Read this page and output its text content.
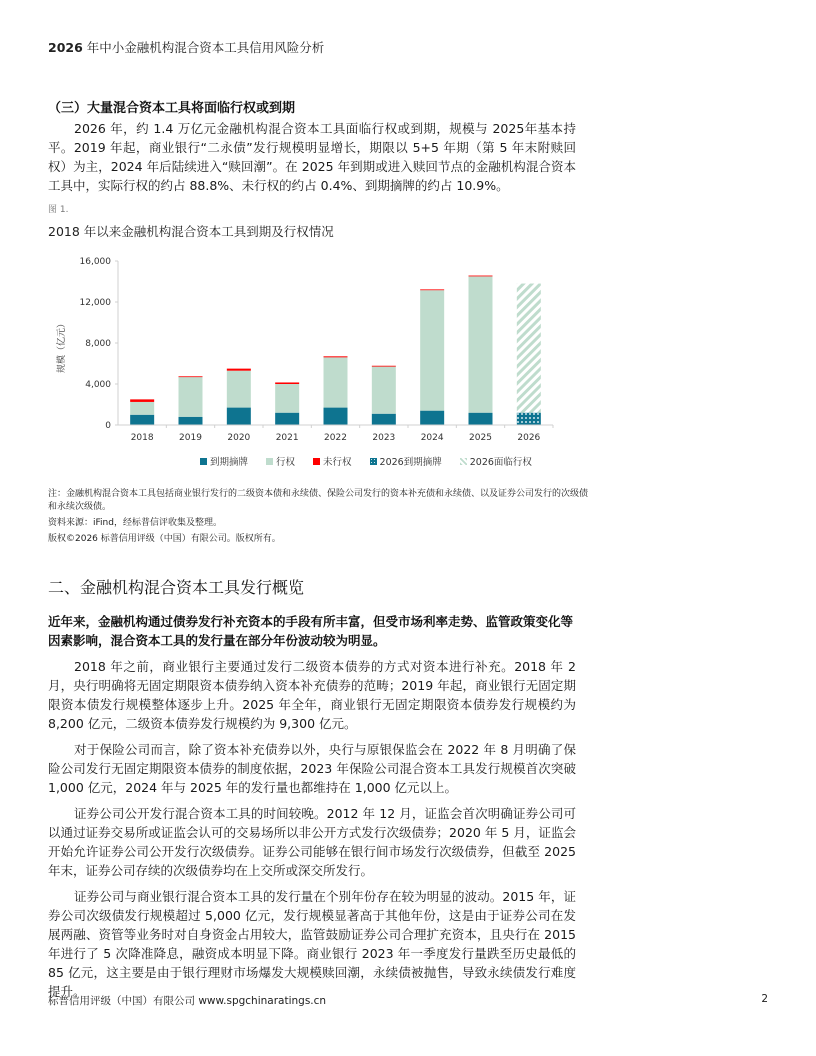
2026 年中小金融机构混合资本工具信用风险分析
（三）大量混合资本工具将面临行权或到期

2026 年，约 1.4 万亿元金融机构混合资本工具面临行权或到期，规模与 2025年基本持平。2019 年起，商业银行“二永债”发行规模明显增长，期限以 5+5 年期（第 5 年末附赎回权）为主，2024 年后陆续进入“赎回潮”。在 2025 年到期或进入赎回节点的金融机构混合资本工具中，实际行权的约占 88.8%、未行权的约占 0.4%、到期摘牌的约占 10.9%。

图 1.
2018 年以来金融机构混合资本工具到期及行权情况
规模（亿元）
0
4,000
8,000
12,000
16,000
2018	2019	2020	2021	2022	2023	2024	2025	2026
到期摘牌	行权	未行权	2026到期摘牌	2026面临行权
注：金融机构混合资本工具包括商业银行发行的二级资本债和永续债、保险公司发行的资本补充债和永续债、以及证券公司发行的次级债和永续次级债。
资料来源：iFind，经标普信评收集及整理。
版权©2026 标普信用评级（中国）有限公司。版权所有。
二、金融机构混合资本工具发行概览
近年来，金融机构通过债券发行补充资本的手段有所丰富，但受市场利率走势、监管政策变化等因素影响，混合资本工具的发行量在部分年份波动较为明显。

2018 年之前，商业银行主要通过发行二级资本债券的方式对资本进行补充。2018 年 2 月，央行明确将无固定期限资本债券纳入资本补充债券的范畴；2019 年起，商业银行无固定期限资本债发行规模整体逐步上升。2025 年全年，商业银行无固定期限资本债券发行规模约为 8,200 亿元，二级资本债券发行规模约为 9,300 亿元。

对于保险公司而言，除了资本补充债券以外，央行与原银保监会在 2022 年 8 月明确了保险公司发行无固定期限资本债券的制度依据，2023 年保险公司混合资本工具发行规模首次突破 1,000 亿元，2024 年与 2025 年的发行量也都维持在 1,000 亿元以上。

证券公司公开发行混合资本工具的时间较晚。2012 年 12 月，证监会首次明确证券公司可以通过证券交易所或证监会认可的交易场所以非公开方式发行次级债券；2020 年 5 月，证监会开始允许证券公司公开发行次级债券。证券公司能够在银行间市场发行次级债券，但截至 2025 年末，证券公司存续的次级债券均在上交所或深交所发行。

证券公司与商业银行混合资本工具的发行量在个别年份存在较为明显的波动。2015 年，证券公司次级债发行规模超过 5,000 亿元，发行规模显著高于其他年份，这是由于证券公司在发展两融、资管等业务时对自身资金占用较大，监管鼓励证券公司合理扩充资本，且央行在 2015 年进行了 5 次降准降息，融资成本明显下降。商业银行 2023 年一季度发行量跌至历史最低的 85 亿元，这主要是由于银行理财市场爆发大规模赎回潮，永续债被抛售，导致永续债发行难度提升。

标普信用评级（中国）有限公司 www.spgchinaratings.cn	2
